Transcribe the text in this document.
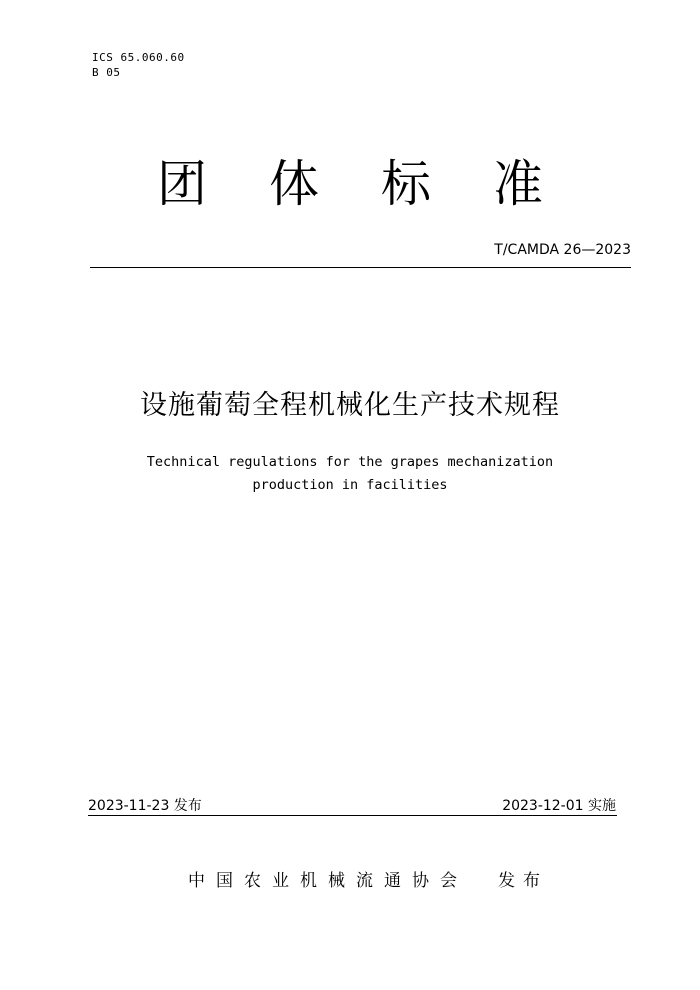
ICS 65.060.60
B 05
团体标准
T/CAMDA 26—2023
设施葡萄全程机械化生产技术规程
Technical regulations for the grapes mechanization
production in facilities
2023-11-23 发布	2023-12-01 实施
中国农业机械流通协会 发布
